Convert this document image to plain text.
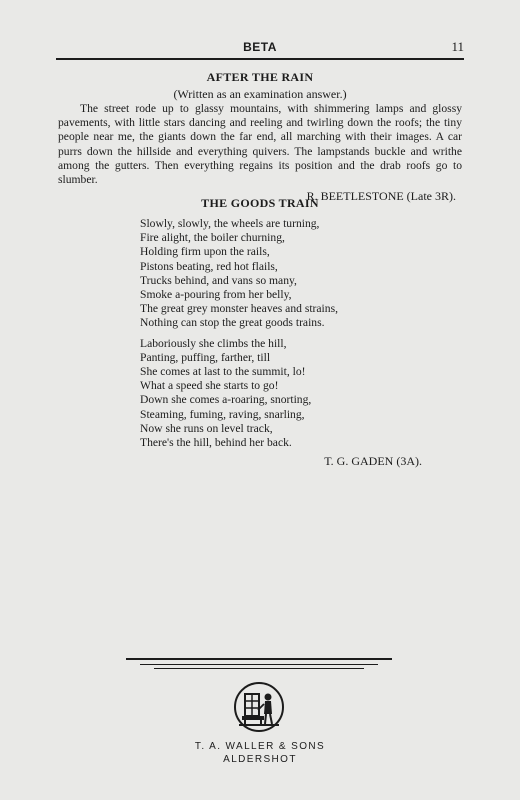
BETA	11
AFTER THE RAIN
(Written as an examination answer.)

The street rode up to glassy mountains, with shimmering lamps and glossy pavements, with little stars dancing and reeling and twirling down the roofs; the tiny people near me, the giants down the far end, all marching with their images. A car purrs down the hillside and everything quivers. The lampstands buckle and writhe among the gutters. Then everything regains its position and the drab roofs go to slumber.

R. BEETLESTONE (Late 3R).
THE GOODS TRAIN
Slowly, slowly, the wheels are turning,
Fire alight, the boiler churning,
Holding firm upon the rails,
Pistons beating, red hot flails,
Trucks behind, and vans so many,
Smoke a-pouring from her belly,
The great grey monster heaves and strains,
Nothing can stop the great goods trains.
Laboriously she climbs the hill,
Panting, puffing, farther, till
She comes at last to the summit, lo!
What a speed she starts to go!
Down she comes a-roaring, snorting,
Steaming, fuming, raving, snarling,
Now she runs on level track,
There's the hill, behind her back.
T. G. GADEN (3A).
T. A. WALLER & SONS
ALDERSHOT
